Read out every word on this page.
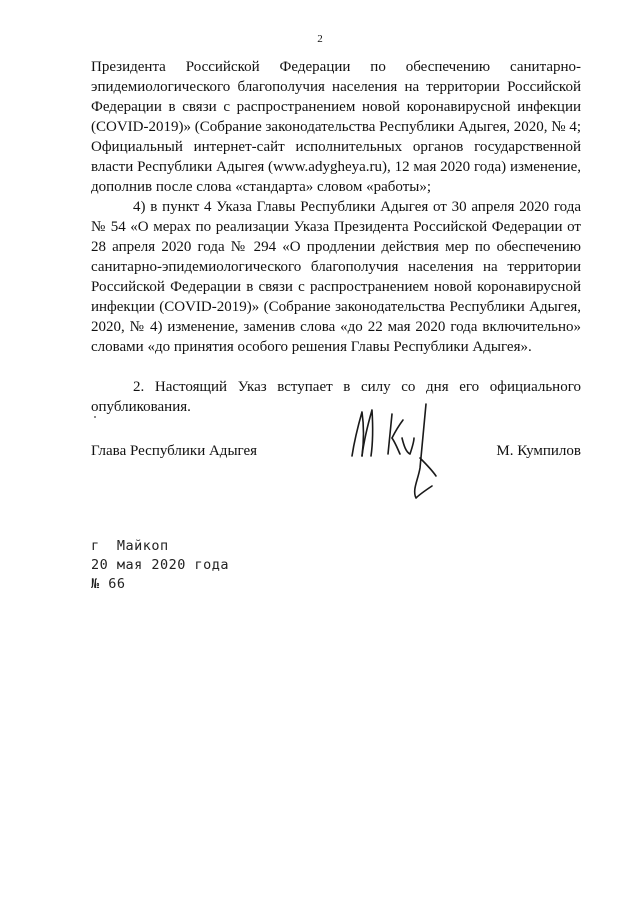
2

Президента Российской Федерации по обеспечению санитарно-эпидемиологического благополучия населения на территории Российской Федерации в связи с распространением новой коронавирусной инфекции (COVID-2019)» (Собрание законодательства Республики Адыгея, 2020, № 4; Официальный интернет-сайт исполнительных органов государственной власти Республики Адыгея (www.adygheya.ru), 12 мая 2020 года) изменение, дополнив после слова «стандарта» словом «работы»;

4) в пункт 4 Указа Главы Республики Адыгея от 30 апреля 2020 года № 54 «О мерах по реализации Указа Президента Российской Федерации от 28 апреля 2020 года № 294 «О продлении действия мер по обеспечению санитарно-эпидемиологического благополучия населения на территории Российской Федерации в связи с распространением новой коронавирусной инфекции (COVID-2019)» (Собрание законодательства Республики Адыгея, 2020, № 4) изменение, заменив слова «до 22 мая 2020 года включительно» словами «до принятия особого решения Главы Республики Адыгея».

2. Настоящий Указ вступает в силу со дня его официального опубликования.

Глава Республики Адыгея	М. Кумпилов
г  Майкоп
20 мая 2020 года
№ 66
